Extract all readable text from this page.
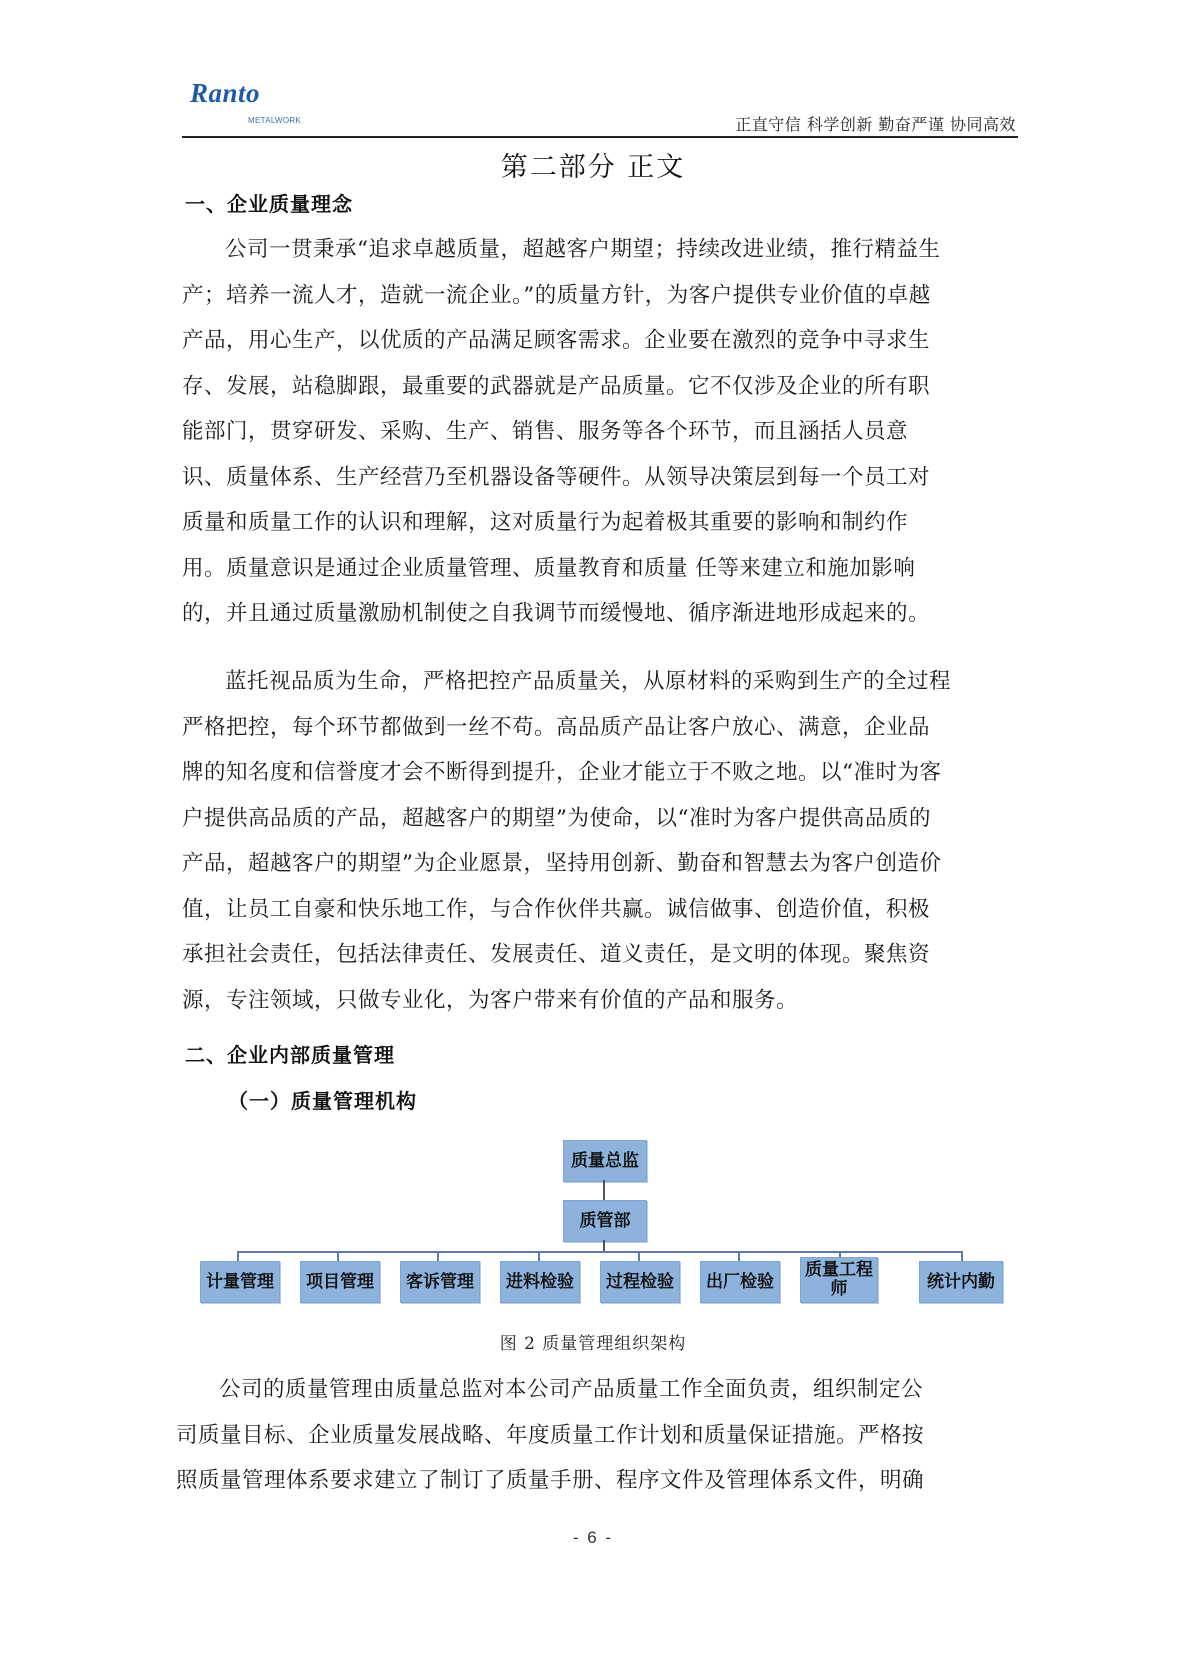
Ranto
METALWORK	正直守信 科学创新 勤奋严谨 协同高效
第二部分 正文
一、企业质量理念
公司一贯秉承“追求卓越质量，超越客户期望；持续改进业绩，推行精益生
产；培养一流人才，造就一流企业。”的质量方针，为客户提供专业价值的卓越
产品，用心生产，以优质的产品满足顾客需求。企业要在激烈的竞争中寻求生
存、发展，站稳脚跟，最重要的武器就是产品质量。它不仅涉及企业的所有职
能部门，贯穿研发、采购、生产、销售、服务等各个环节，而且涵括人员意
识、质量体系、生产经营乃至机器设备等硬件。从领导决策层到每一个员工对
质量和质量工作的认识和理解，这对质量行为起着极其重要的影响和制约作
用。质量意识是通过企业质量管理、质量教育和质量 任等来建立和施加影响
的，并且通过质量激励机制使之自我调节而缓慢地、循序渐进地形成起来的。
蓝托视品质为生命，严格把控产品质量关，从原材料的采购到生产的全过程
严格把控，每个环节都做到一丝不苟。高品质产品让客户放心、满意，企业品
牌的知名度和信誉度才会不断得到提升，企业才能立于不败之地。以“准时为客
户提供高品质的产品，超越客户的期望”为使命，以“准时为客户提供高品质的
产品，超越客户的期望”为企业愿景，坚持用创新、勤奋和智慧去为客户创造价
值，让员工自豪和快乐地工作，与合作伙伴共赢。诚信做事、创造价值，积极
承担社会责任，包括法律责任、发展责任、道义责任，是文明的体现。聚焦资
源，专注领域，只做专业化，为客户带来有价值的产品和服务。
二、企业内部质量管理
（一）质量管理机构
质量总监
质管部
计量管理	项目管理	客诉管理	进料检验	过程检验	出厂检验
质量工程师	统计内勤
图 2 质量管理组织架构
公司的质量管理由质量总监对本公司产品质量工作全面负责，组织制定公
司质量目标、企业质量发展战略、年度质量工作计划和质量保证措施。严格按
照质量管理体系要求建立了制订了质量手册、程序文件及管理体系文件，明确
- 6 -
